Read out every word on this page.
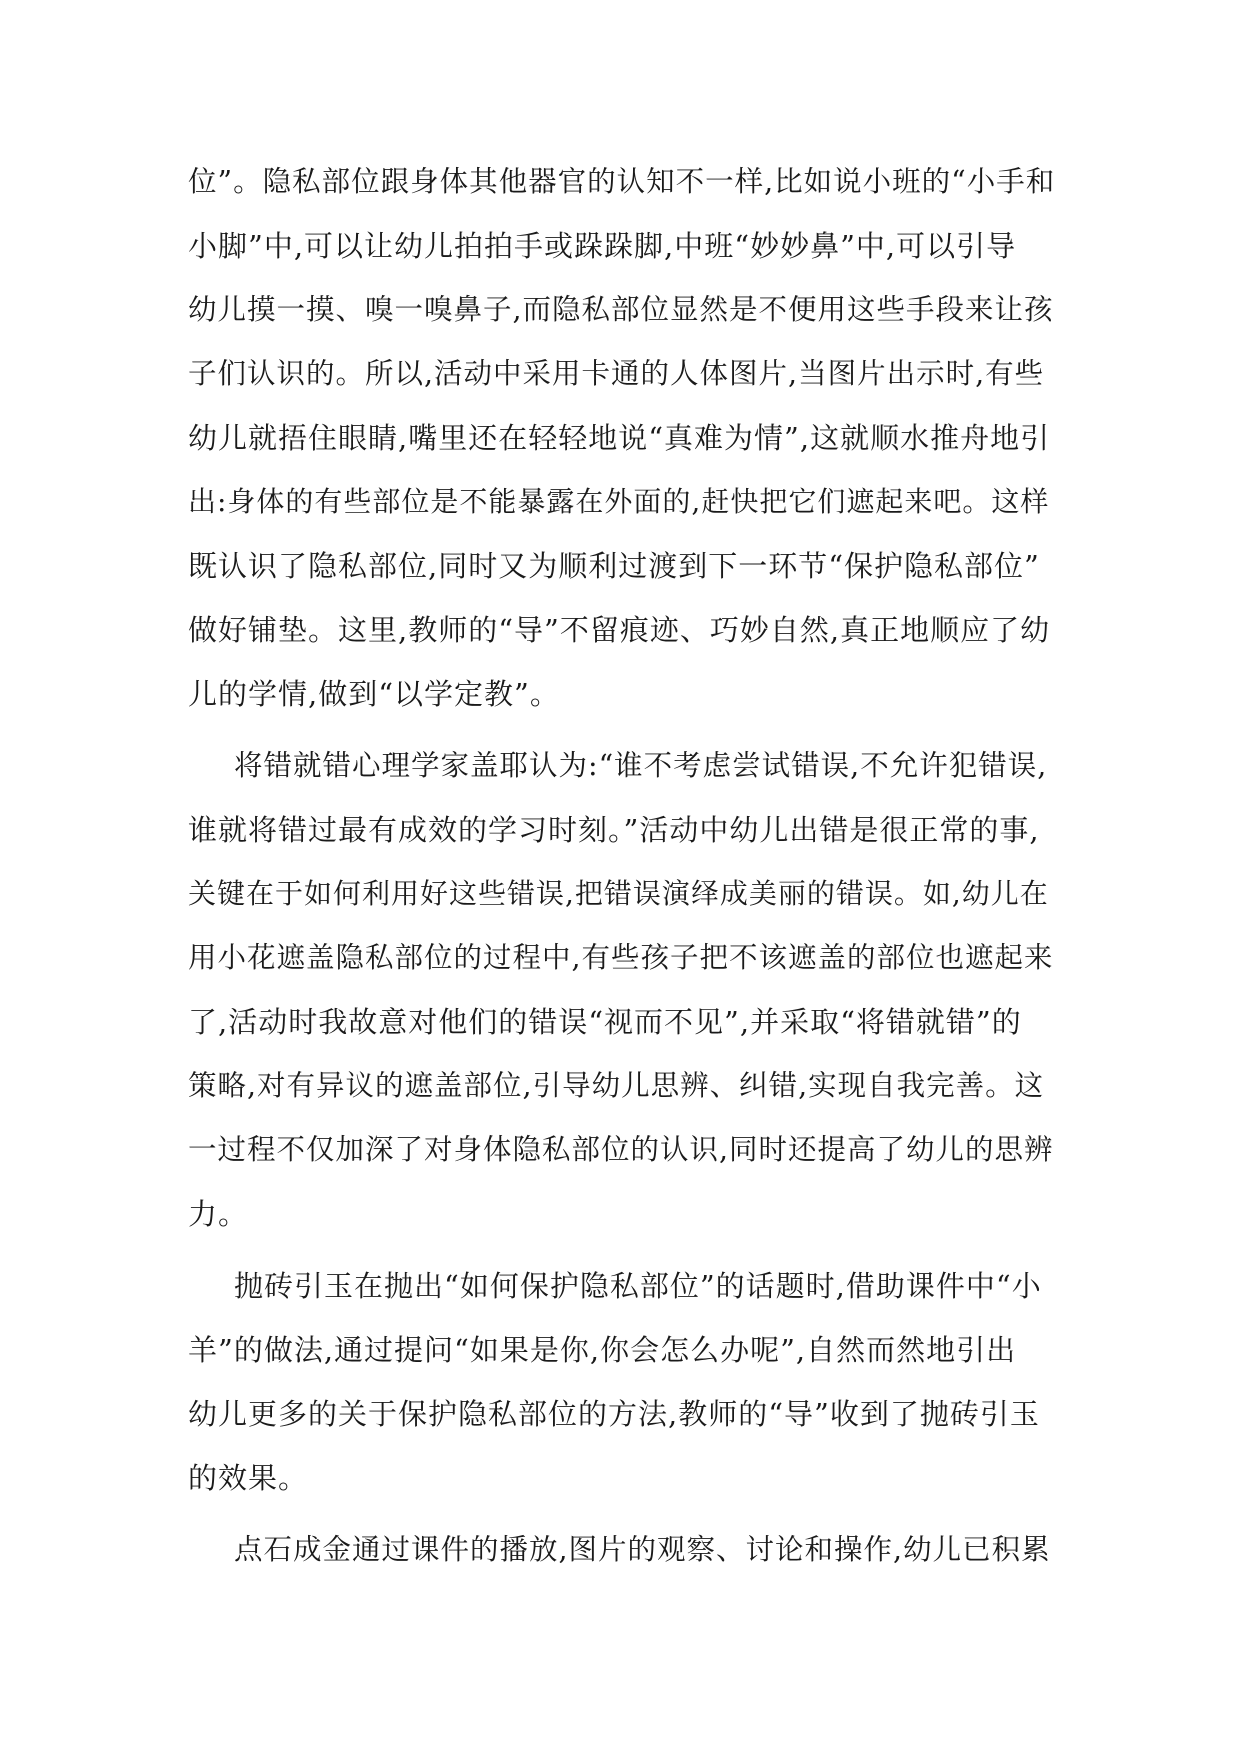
位”。隐私部位跟身体其他器官的认知不一样,比如说小班的“小手和
小脚”中,可以让幼儿拍拍手或跺跺脚,中班“妙妙鼻”中,可以引导
幼儿摸一摸、嗅一嗅鼻子,而隐私部位显然是不便用这些手段来让孩
子们认识的。所以,活动中采用卡通的人体图片,当图片出示时,有些
幼儿就捂住眼睛,嘴里还在轻轻地说“真难为情”,这就顺水推舟地引
出:身体的有些部位是不能暴露在外面的,赶快把它们遮起来吧。这样
既认识了隐私部位,同时又为顺利过渡到下一环节“保护隐私部位”
做好铺垫。这里,教师的“导”不留痕迹、巧妙自然,真正地顺应了幼
儿的学情,做到“以学定教”。
将错就错心理学家盖耶认为:“谁不考虑尝试错误,不允许犯错误,
谁就将错过最有成效的学习时刻。”活动中幼儿出错是很正常的事,
关键在于如何利用好这些错误,把错误演绎成美丽的错误。如,幼儿在
用小花遮盖隐私部位的过程中,有些孩子把不该遮盖的部位也遮起来
了,活动时我故意对他们的错误“视而不见”,并采取“将错就错”的
策略,对有异议的遮盖部位,引导幼儿思辨、纠错,实现自我完善。这
一过程不仅加深了对身体隐私部位的认识,同时还提高了幼儿的思辨
力。
抛砖引玉在抛出“如何保护隐私部位”的话题时,借助课件中“小
羊”的做法,通过提问“如果是你,你会怎么办呢”,自然而然地引出
幼儿更多的关于保护隐私部位的方法,教师的“导”收到了抛砖引玉
的效果。
点石成金通过课件的播放,图片的观察、讨论和操作,幼儿已积累
